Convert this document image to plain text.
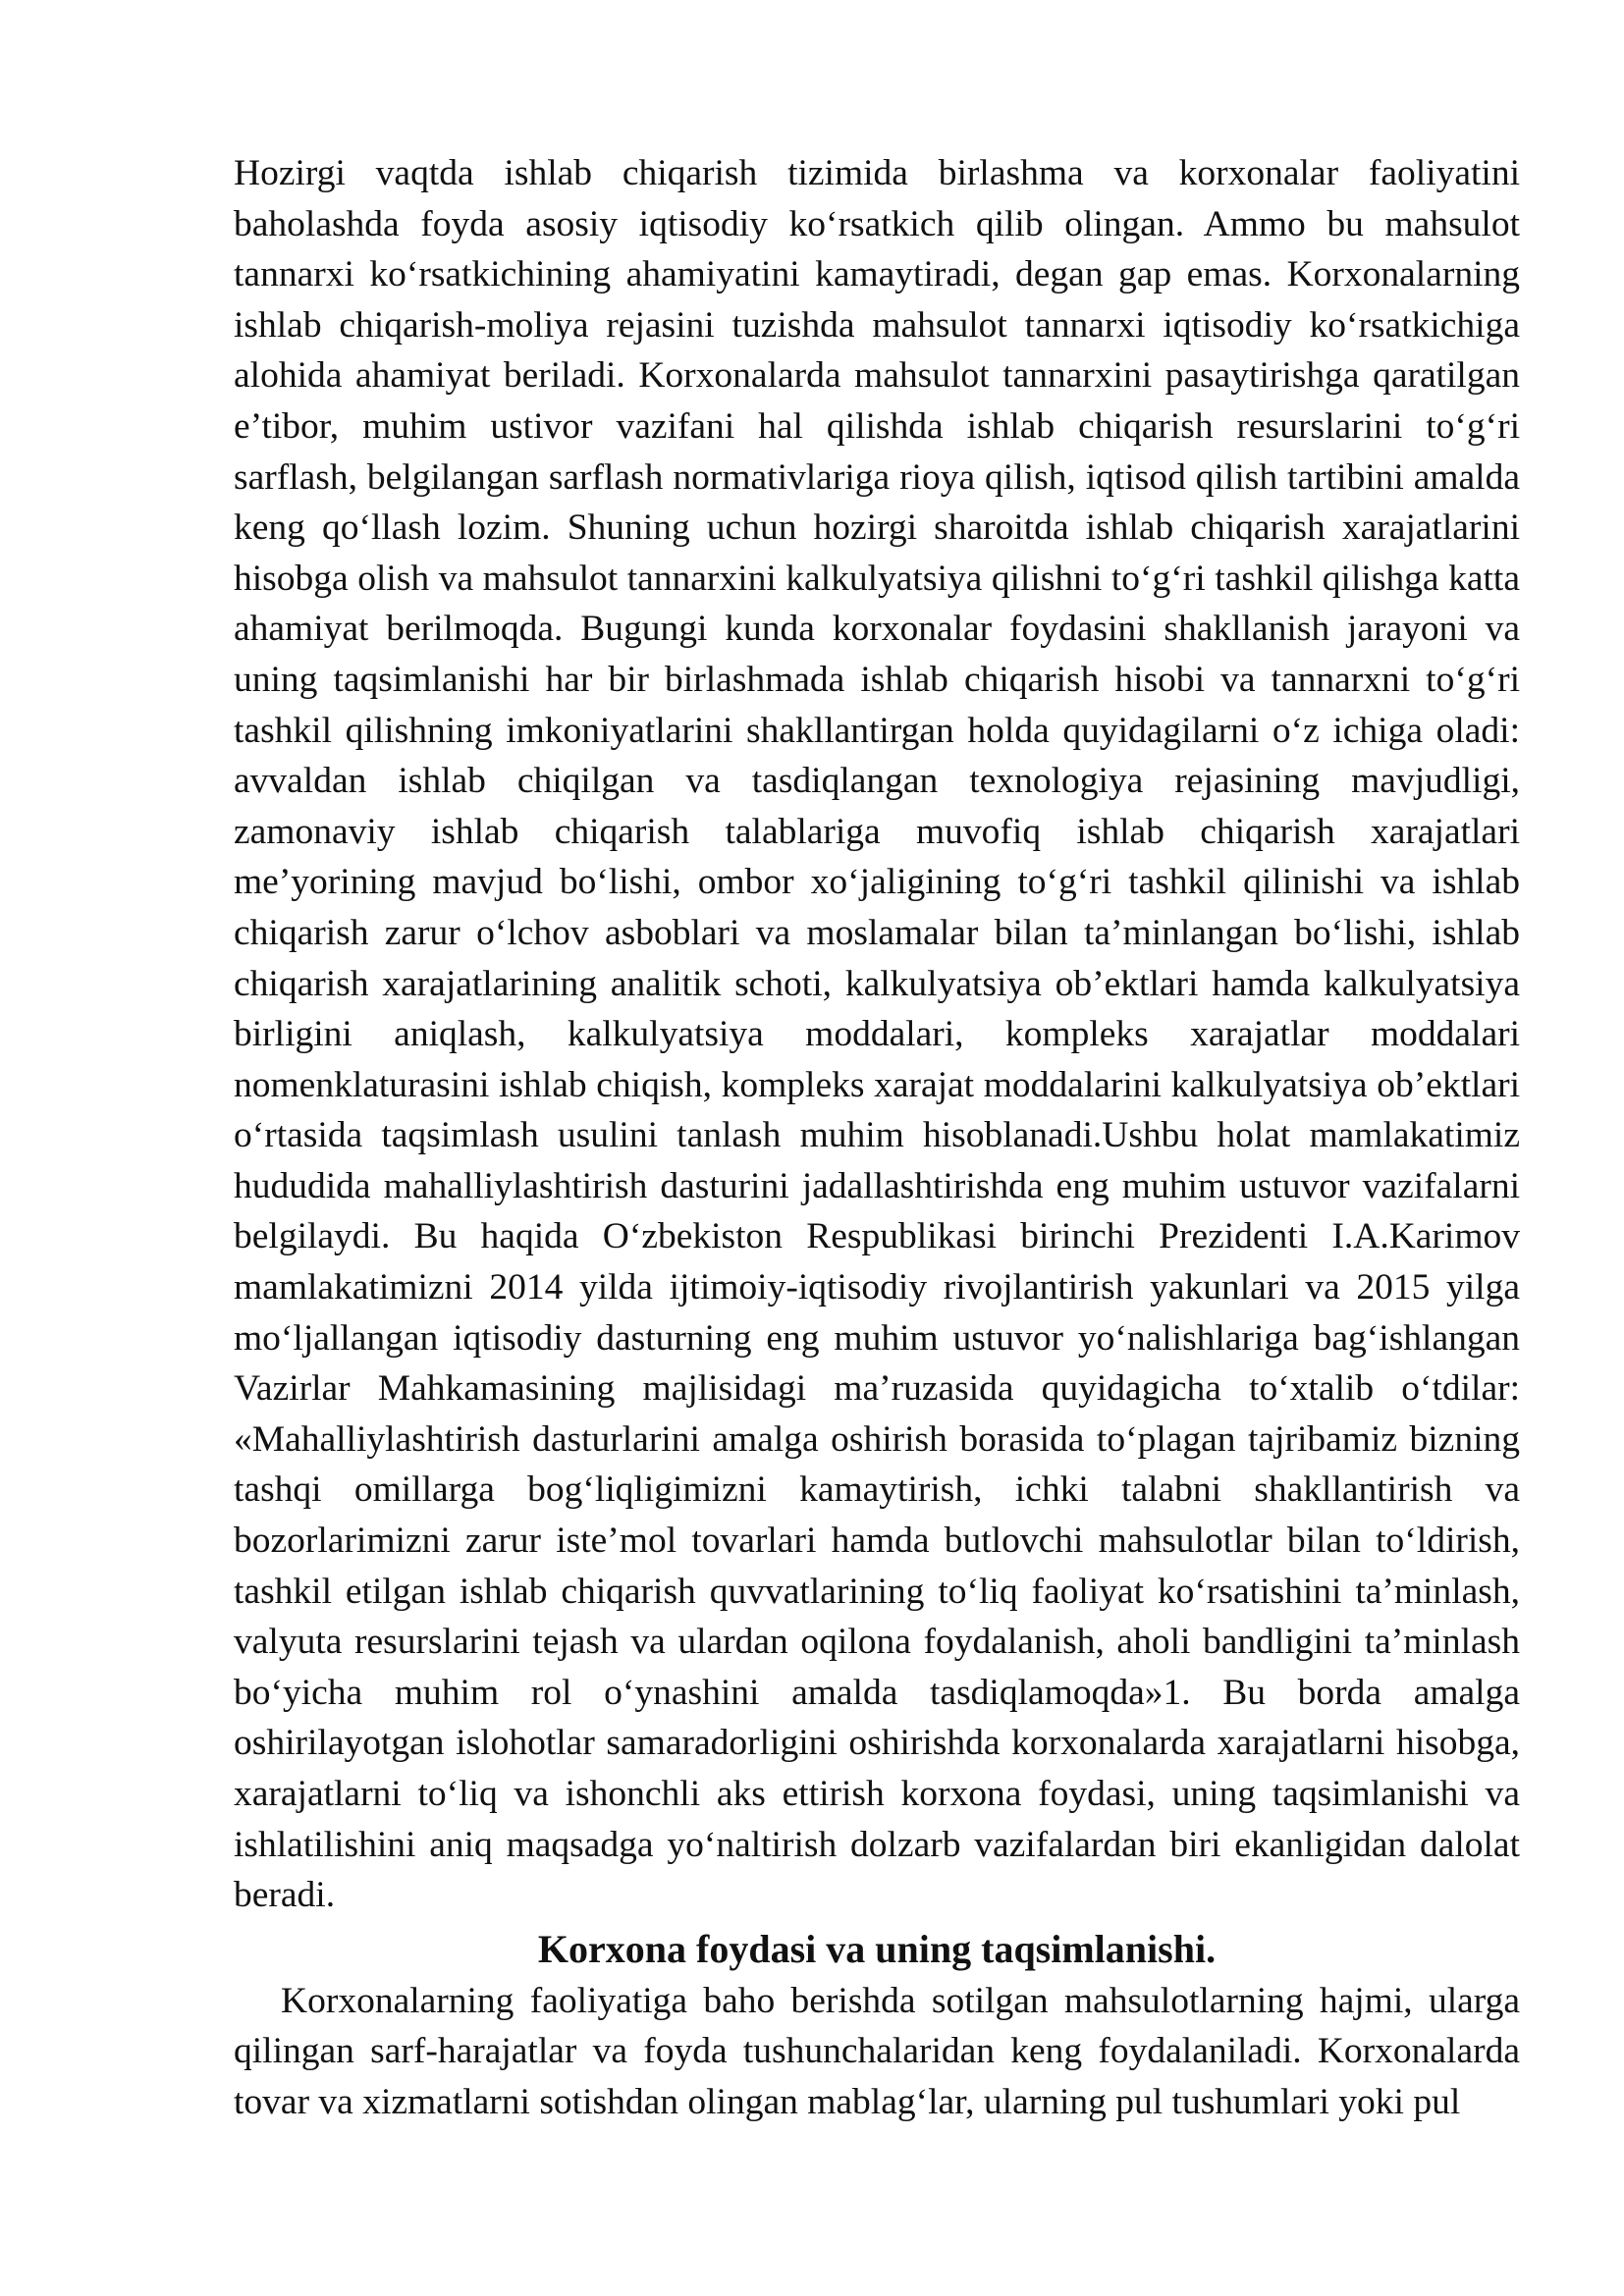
Hozirgi vaqtda ishlab chiqarish tizimida birlashma va korxonalar faoliyatini baholashda foyda asosiy iqtisodiy ko‘rsatkich qilib olingan. Ammo bu mahsulot tannarxi ko‘rsatkichining ahamiyatini kamaytiradi, degan gap emas. Korxonalarning ishlab chiqarish-moliya rejasini tuzishda mahsulot tannarxi iqtisodiy ko‘rsatkichiga alohida ahamiyat beriladi. Korxonalarda mahsulot tannarxini pasaytirishga qaratilgan e’tibor, muhim ustivor vazifani hal qilishda ishlab chiqarish resurslarini to‘g‘ri sarflash, belgilangan sarflash normativlariga rioya qilish, iqtisod qilish tartibini amalda keng qo‘llash lozim. Shuning uchun hozirgi sharoitda ishlab chiqarish xarajatlarini hisobga olish va mahsulot tannarxini kalkulyatsiya qilishni to‘g‘ri tashkil qilishga katta ahamiyat berilmoqda. Bugungi kunda korxonalar foydasini shakllanish jarayoni va uning taqsimlanishi har bir birlashmada ishlab chiqarish hisobi va tannarxni to‘g‘ri tashkil qilishning imkoniyatlarini shakllantirgan holda quyidagilarni o‘z ichiga oladi: avvaldan ishlab chiqilgan va tasdiqlangan texnologiya rejasining mavjudligi, zamonaviy ishlab chiqarish talablariga muvofiq ishlab chiqarish xarajatlari me’yorining mavjud bo‘lishi, ombor xo‘jaligining to‘g‘ri tashkil qilinishi va ishlab chiqarish zarur o‘lchov asboblari va moslamalar bilan ta’minlangan bo‘lishi, ishlab chiqarish xarajatlarining analitik schoti, kalkulyatsiya ob’ektlari hamda kalkulyatsiya birligini aniqlash, kalkulyatsiya moddalari, kompleks xarajatlar moddalari nomenklaturasini ishlab chiqish, kompleks xarajat moddalarini kalkulyatsiya ob’ektlari o‘rtasida taqsimlash usulini tanlash muhim hisoblanadi.Ushbu holat mamlakatimiz hududida mahalliylashtirish dasturini jadallashtirishda eng muhim ustuvor vazifalarni belgilaydi. Bu haqida O‘zbekiston Respublikasi birinchi Prezidenti I.A.Karimov mamlakatimizni 2014 yilda ijtimoiy-iqtisodiy rivojlantirish yakunlari va 2015 yilga mo‘ljallangan iqtisodiy dasturning eng muhim ustuvor yo‘nalishlariga bag‘ishlangan Vazirlar Mahkamasining majlisidagi ma’ruzasida quyidagicha to‘xtalib o‘tdilar: «Mahalliylashtirish dasturlarini amalga oshirish borasida to‘plagan tajribamiz bizning tashqi omillarga bog‘liqligimizni kamaytirish, ichki talabni shakllantirish va bozorlarimizni zarur iste’mol tovarlari hamda butlovchi mahsulotlar bilan to‘ldirish, tashkil etilgan ishlab chiqarish quvvatlarining to‘liq faoliyat ko‘rsatishini ta’minlash, valyuta resurslarini tejash va ulardan oqilona foydalanish, aholi bandligini ta’minlash bo‘yicha muhim rol o‘ynashini amalda tasdiqlamoqda»1. Bu borda amalga oshirilayotgan islohotlar samaradorligini oshirishda korxonalarda xarajatlarni hisobga, xarajatlarni to‘liq va ishonchli aks ettirish korxona foydasi, uning taqsimlanishi va ishlatilishini aniq maqsadga yo‘naltirish dolzarb vazifalardan biri ekanligidan dalolat beradi.

Korxona foydasi va uning taqsimlanishi.

Korxonalarning faoliyatiga baho berishda sotilgan mahsulotlarning hajmi, ularga qilingan sarf-harajatlar va foyda tushunchalaridan keng foydalaniladi. Korxonalarda tovar va xizmatlarni sotishdan olingan mablag‘lar, ularning pul tushumlari yoki pul
